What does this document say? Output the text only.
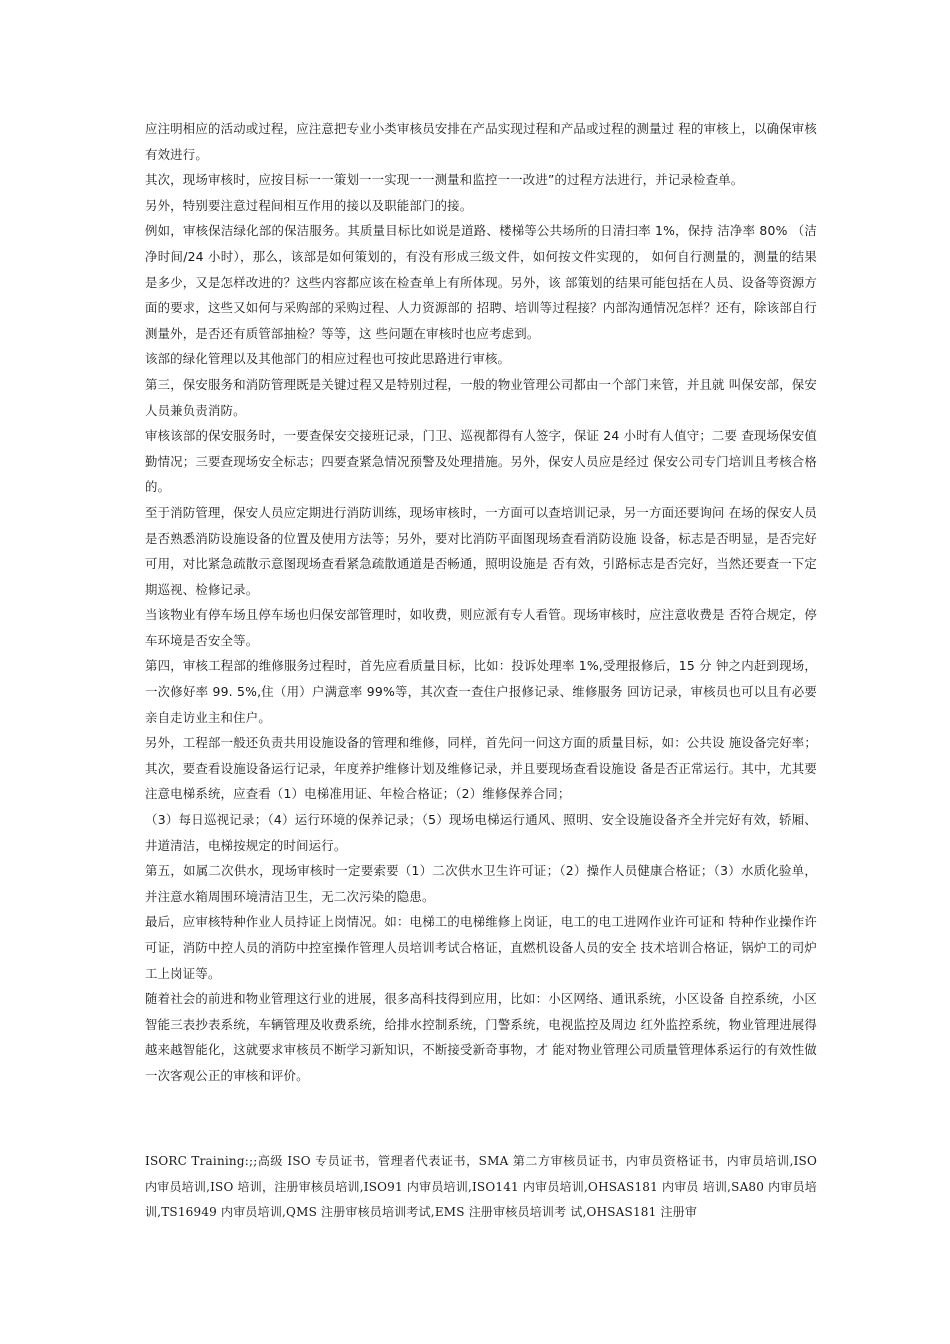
应注明相应的活动或过程，应注意把专业小类审核员安排在产品实现过程和产品或过程的测量过 程的审核上，以确保审核有效进行。

其次，现场审核时，应按目标一一策划一一实现一一测量和监控一一改进”的过程方法进行，并记录检查单。

另外，特别要注意过程间相互作用的接以及职能部门的接。

例如，审核保洁绿化部的保洁服务。其质量目标比如说是道路、楼梯等公共场所的日清扫率 1%，保持 洁净率 80% （洁净时间/24 小时），那么，该部是如何策划的，有没有形成三级文件，如何按文件实现的， 如何自行测量的，测量的结果是多少，又是怎样改进的？这些内容都应该在检查单上有所体现。另外，该 部策划的结果可能包括在人员、设备等资源方面的要求，这些又如何与采购部的采购过程、人力资源部的 招聘、培训等过程接？内部沟通情况怎样？还有，除该部自行测量外，是否还有质管部抽检？等等，这 些问题在审核时也应考虑到。

该部的绿化管理以及其他部门的相应过程也可按此思路进行审核。

第三，保安服务和消防管理既是关键过程又是特别过程，一般的物业管理公司都由一个部门来管，并且就 叫保安部，保安人员兼负责消防。

审核该部的保安服务时，一要查保安交接班记录，门卫、巡视都得有人签字，保证 24 小时有人值守；二要 查现场保安值勤情况；三要查现场安全标志；四要查紧急情况预警及处理措施。另外，保安人员应是经过 保安公司专门培训且考核合格的。

至于消防管理，保安人员应定期进行消防训练，现场审核时，一方面可以查培训记录，另一方面还要询问 在场的保安人员是否熟悉消防设施设备的位置及使用方法等；另外，要对比消防平面图现场查看消防设施 设备，标志是否明显，是否完好可用，对比紧急疏散示意图现场查看紧急疏散通道是否畅通，照明设施是 否有效，引路标志是否完好，当然还要查一下定期巡视、检修记录。

当该物业有停车场且停车场也归保安部管理时，如收费，则应派有专人看管。现场审核时，应注意收费是 否符合规定，停车环境是否安全等。

第四，审核工程部的维修服务过程时，首先应看质量目标，比如：投诉处理率 1%,受理报修后，15 分 钟之内赶到现场，一次修好率 99. 5%,住（用）户满意率 99%等，其次查一查住户报修记录、维修服务 回访记录，审核员也可以且有必要亲自走访业主和住户。

另外，工程部一般还负责共用设施设备的管理和维修，同样，首先问一问这方面的质量目标，如：公共设 施设备完好率；其次，要查看设施设备运行记录，年度养护维修计划及维修记录，并且要现场查看设施设 备是否正常运行。其中，尤其要注意电梯系统，应查看（1）电梯准用证、年检合格证；（2）维修保养合同；

（3）每日巡视记录；（4）运行环境的保养记录；（5）现场电梯运行通风、照明、安全设施设备齐全并完好有效，轿厢、井道清洁，电梯按规定的时间运行。

第五，如属二次供水，现场审核时一定要索要（1）二次供水卫生许可证；（2）操作人员健康合格证；（3）水质化验单，并注意水箱周围环境清洁卫生，无二次污染的隐患。

最后，应审核特种作业人员持证上岗情况。如：电梯工的电梯维修上岗证，电工的电工进网作业许可证和 特种作业操作许可证，消防中控人员的消防中控室操作管理人员培训考试合格证，直燃机设备人员的安全 技术培训合格证，锅炉工的司炉工上岗证等。

随着社会的前进和物业管理这行业的进展，很多高科技得到应用，比如：小区网络、通讯系统，小区设备 自控系统，小区智能三表抄表系统，车辆管理及收费系统，给排水控制系统，门警系统，电视监控及周边 红外监控系统，物业管理进展得越来越智能化，这就要求审核员不断学习新知识，不断接受新奇事物，才 能对物业管理公司质量管理体系运行的有效性做一次客观公正的审核和评价。

ISORC Training:;;高级 ISO 专员证书，管理者代表证书，SMA 第二方审核员证书，内审员资格证书，内审员培训,ISO 内审员培训,ISO 培训，注册审核员培训,ISO91 内审员培训,ISO141 内审员培训,OHSAS181 内审员 培训,SA80 内审员培训,TS16949 内审员培训,QMS 注册审核员培训考试,EMS 注册审核员培训考 试,OHSAS181 注册审
